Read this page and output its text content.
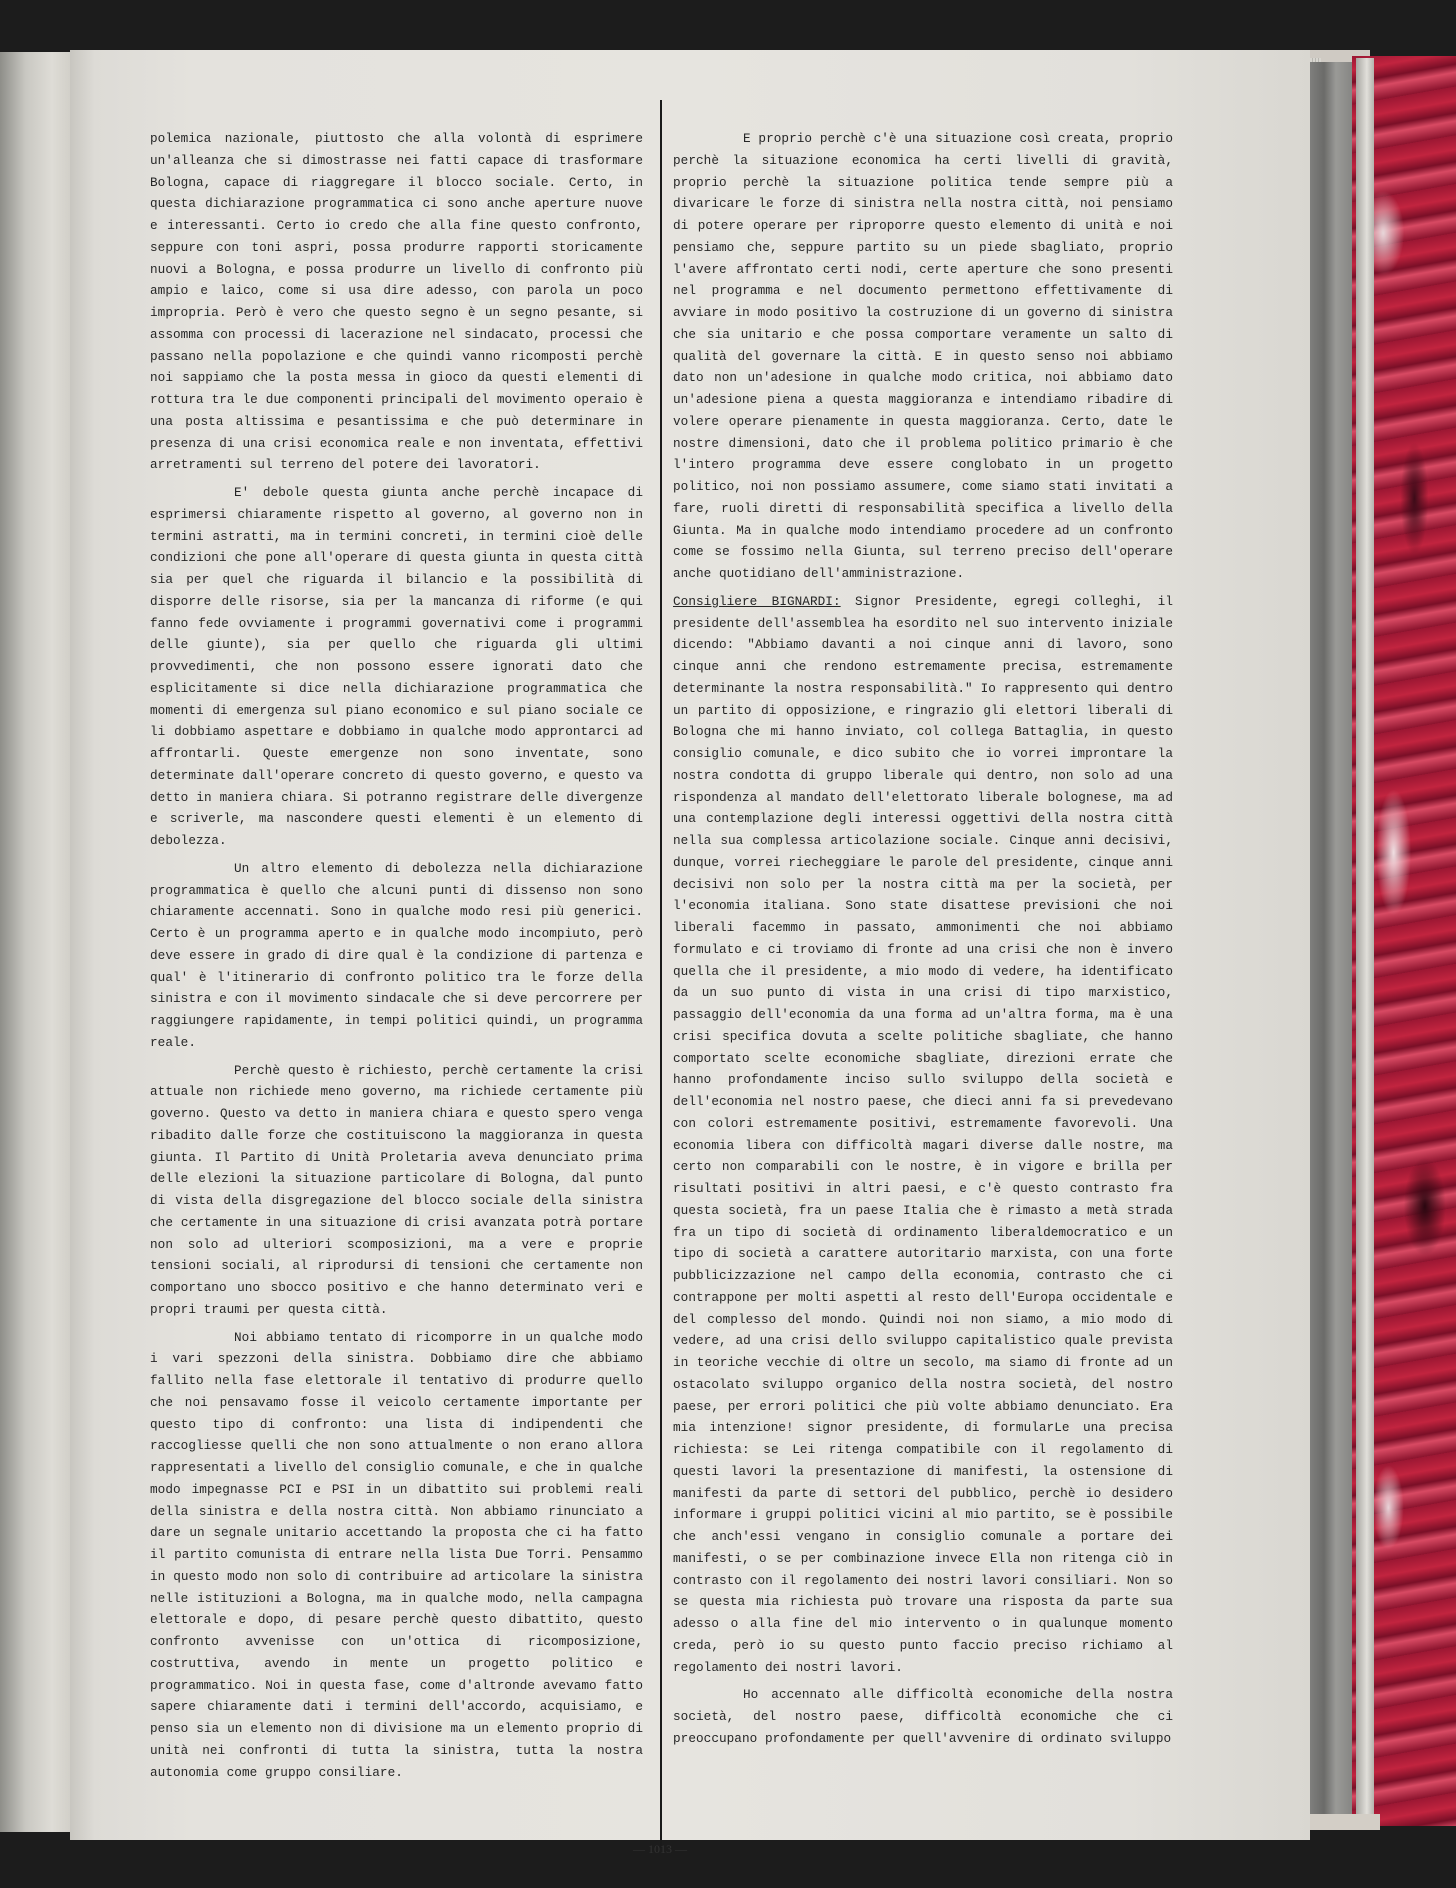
polemica nazionale, piuttosto che alla volontà di esprimere un'alleanza che si dimostrasse nei fatti capace di trasformare Bologna, capace di riaggregare il blocco sociale. Certo, in questa dichiarazione programmatica ci sono anche aperture nuove e interessanti. Certo io credo che alla fine questo confronto, seppure con toni aspri, possa produrre rapporti storicamente nuovi a Bologna, e possa produrre un livello di confronto più ampio e laico, come si usa dire adesso, con parola un poco impropria. Però è vero che questo segno è un segno pesante, si assomma con processi di lacerazione nel sindacato, processi che passano nella popolazione e che quindi vanno ricomposti perchè noi sappiamo che la posta messa in gioco da questi elementi di rottura tra le due componenti principali del movimento operaio è una posta altissima e pesantissima e che può determinare in presenza di una crisi economica reale e non inventata, effettivi arretramenti sul terreno del potere dei lavoratori.

E' debole questa giunta anche perchè incapace di esprimersi chiaramente rispetto al governo, al governo non in termini astratti, ma in termini concreti, in termini cioè delle condizioni che pone all'operare di questa giunta in questa città sia per quel che riguarda il bilancio e la possibilità di disporre delle risorse, sia per la mancanza di riforme (e qui fanno fede ovviamente i programmi governativi come i programmi delle giunte), sia per quello che riguarda gli ultimi provvedimenti, che non possono essere ignorati dato che esplicitamente si dice nella dichiarazione programmatica che momenti di emergenza sul piano economico e sul piano sociale ce li dobbiamo aspettare e dobbiamo in qualche modo approntarci ad affrontarli. Queste emergenze non sono inventate, sono determinate dall'operare concreto di questo governo, e questo va detto in maniera chiara. Si potranno registrare delle divergenze e scriverle, ma nascondere questi elementi è un elemento di debolezza.

Un altro elemento di debolezza nella dichiarazione programmatica è quello che alcuni punti di dissenso non sono chiaramente accennati. Sono in qualche modo resi più generici. Certo è un programma aperto e in qualche modo incompiuto, però deve essere in grado di dire qual è la condizione di partenza e qual' è l'itinerario di confronto politico tra le forze della sinistra e con il movimento sindacale che si deve percorrere per raggiungere rapidamente, in tempi politici quindi, un programma reale.

Perchè questo è richiesto, perchè certamente la crisi attuale non richiede meno governo, ma richiede certamente più governo. Questo va detto in maniera chiara e questo spero venga ribadito dalle forze che costituiscono la maggioranza in questa giunta. Il Partito di Unità Proletaria aveva denunciato prima delle elezioni la situazione particolare di Bologna, dal punto di vista della disgregazione del blocco sociale della sinistra che certamente in una situazione di crisi avanzata potrà portare non solo ad ulteriori scomposizioni, ma a vere e proprie tensioni sociali, al riprodursi di tensioni che certamente non comportano uno sbocco positivo e che hanno determinato veri e propri traumi per questa città.

Noi abbiamo tentato di ricomporre in un qualche modo i vari spezzoni della sinistra. Dobbiamo dire che abbiamo fallito nella fase elettorale il tentativo di produrre quello che noi pensavamo fosse il veicolo certamente importante per questo tipo di confronto: una lista di indipendenti che raccogliesse quelli che non sono attualmente o non erano allora rappresentati a livello del consiglio comunale, e che in qualche modo impegnasse PCI e PSI in un dibattito sui problemi reali della sinistra e della nostra città. Non abbiamo rinunciato a dare un segnale unitario accettando la proposta che ci ha fatto il partito comunista di entrare nella lista Due Torri. Pensammo in questo modo non solo di contribuire ad articolare la sinistra nelle istituzioni a Bologna, ma in qualche modo, nella campagna elettorale e dopo, di pesare perchè questo dibattito, questo confronto avvenisse con un'ottica di ricomposizione, costruttiva, avendo in mente un progetto politico e programmatico. Noi in questa fase, come d'altronde avevamo fatto sapere chiaramente dati i termini dell'accordo, acquisiamo, e penso sia un elemento non di divisione ma un elemento proprio di unità nei confronti di tutta la sinistra, tutta la nostra autonomia come gruppo consiliare.

E proprio perchè c'è una situazione così creata, proprio perchè la situazione economica ha certi livelli di gravità, proprio perchè la situazione politica tende sempre più a divaricare le forze di sinistra nella nostra città, noi pensiamo di potere operare per riproporre questo elemento di unità e noi pensiamo che, seppure partito su un piede sbagliato, proprio l'avere affrontato certi nodi, certe aperture che sono presenti nel programma e nel documento permettono effettivamente di avviare in modo positivo la costruzione di un governo di sinistra che sia unitario e che possa comportare veramente un salto di qualità del governare la città. E in questo senso noi abbiamo dato non un'adesione in qualche modo critica, noi abbiamo dato un'adesione piena a questa maggioranza e intendiamo ribadire di volere operare pienamente in questa maggioranza. Certo, date le nostre dimensioni, dato che il problema politico primario è che l'intero programma deve essere conglobato in un progetto politico, noi non possiamo assumere, come siamo stati invitati a fare, ruoli diretti di responsabilità specifica a livello della Giunta. Ma in qualche modo intendiamo procedere ad un confronto come se fossimo nella Giunta, sul terreno preciso dell'operare anche quotidiano dell'amministrazione.

Consigliere BIGNARDI: Signor Presidente, egregi colleghi, il presidente dell'assemblea ha esordito nel suo intervento iniziale dicendo: "Abbiamo davanti a noi cinque anni di lavoro, sono cinque anni che rendono estremamente precisa, estremamente determinante la nostra responsabilità." Io rappresento qui dentro un partito di opposizione, e ringrazio gli elettori liberali di Bologna che mi hanno inviato, col collega Battaglia, in questo consiglio comunale, e dico subito che io vorrei improntare la nostra condotta di gruppo liberale qui dentro, non solo ad una rispondenza al mandato dell'elettorato liberale bolognese, ma ad una contemplazione degli interessi oggettivi della nostra città nella sua complessa articolazione sociale. Cinque anni decisivi, dunque, vorrei riecheggiare le parole del presidente, cinque anni decisivi non solo per la nostra città ma per la società, per l'economia italiana. Sono state disattese previsioni che noi liberali facemmo in passato, ammonimenti che noi abbiamo formulato e ci troviamo di fronte ad una crisi che non è invero quella che il presidente, a mio modo di vedere, ha identificato da un suo punto di vista in una crisi di tipo marxistico, passaggio dell'economia da una forma ad un'altra forma, ma è una crisi specifica dovuta a scelte politiche sbagliate, che hanno comportato scelte economiche sbagliate, direzioni errate che hanno profondamente inciso sullo sviluppo della società e dell'economia nel nostro paese, che dieci anni fa si prevedevano con colori estremamente positivi, estremamente favorevoli. Una economia libera con difficoltà magari diverse dalle nostre, ma certo non comparabili con le nostre, è in vigore e brilla per risultati positivi in altri paesi, e c'è questo contrasto fra questa società, fra un paese Italia che è rimasto a metà strada fra un tipo di società di ordinamento liberaldemocratico e un tipo di società a carattere autoritario marxista, con una forte pubblicizzazione nel campo della economia, contrasto che ci contrappone per molti aspetti al resto dell'Europa occidentale e del complesso del mondo. Quindi noi non siamo, a mio modo di vedere, ad una crisi dello sviluppo capitalistico quale prevista in teoriche vecchie di oltre un secolo, ma siamo di fronte ad un ostacolato sviluppo organico della nostra società, del nostro paese, per errori politici che più volte abbiamo denunciato. Era mia intenzione! signor presidente, di formularLe una precisa richiesta: se Lei ritenga compatibile con il regolamento di questi lavori la presentazione di manifesti, la ostensione di manifesti da parte di settori del pubblico, perchè io desidero informare i gruppi politici vicini al mio partito, se è possibile che anch'essi vengano in consiglio comunale a portare dei manifesti, o se per combinazione invece Ella non ritenga ciò in contrasto con il regolamento dei nostri lavori consiliari. Non so se questa mia richiesta può trovare una risposta da parte sua adesso o alla fine del mio intervento o in qualunque momento creda, però io su questo punto faccio preciso richiamo al regolamento dei nostri lavori.

Ho accennato alle difficoltà economiche della nostra società, del nostro paese, difficoltà economiche che ci preoccupano profondamente per quell'avvenire di ordinato sviluppo

— 1013 —
